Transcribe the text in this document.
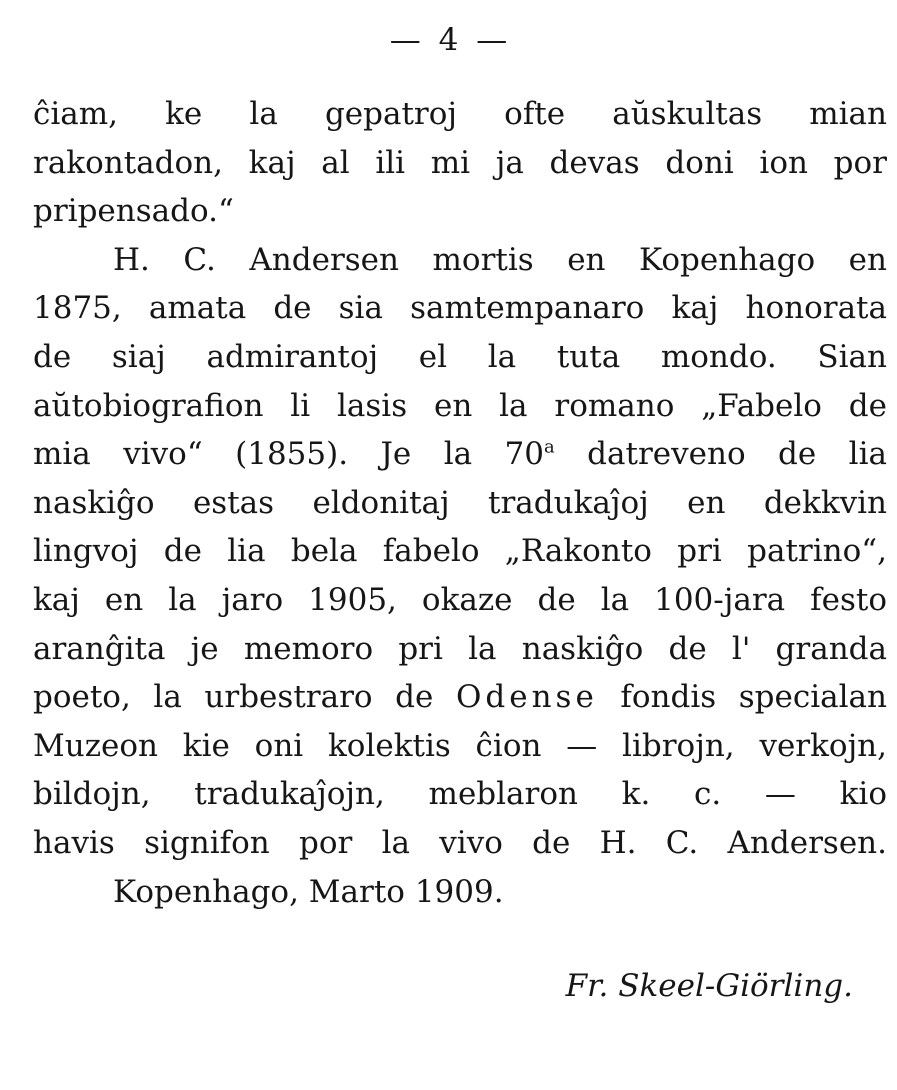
— 4 —
ĉiam, ke la gepatroj ofte aŭskultas mian
rakontadon, kaj al ili mi ja devas doni ion por
pripensado.“
H. C. Andersen mortis en Kopenhago en
1875, amata de sia samtempanaro kaj honorata
de siaj admirantoj el la tuta mondo. Sian
aŭtobiografion li lasis en la romano „Fabelo de
mia vivo“ (1855). Je la 70$^a$ datreveno de lia
naskiĝo estas eldonitaj tradukaĵoj en dekkvin
lingvoj de lia bela fabelo „Rakonto pri patrino“,
kaj en la jaro 1905, okaze de la 100-jara festo
aranĝita je memoro pri la naskiĝo de l' granda
poeto, la urbestraro de Odense fondis specialan
Muzeon kie oni kolektis ĉion — librojn, verkojn,
bildojn, tradukaĵojn, meblaron k. c. — kio
havis signifon por la vivo de H. C. Andersen.
Kopenhago, Marto 1909.
Fr. Skeel-Giörling.
